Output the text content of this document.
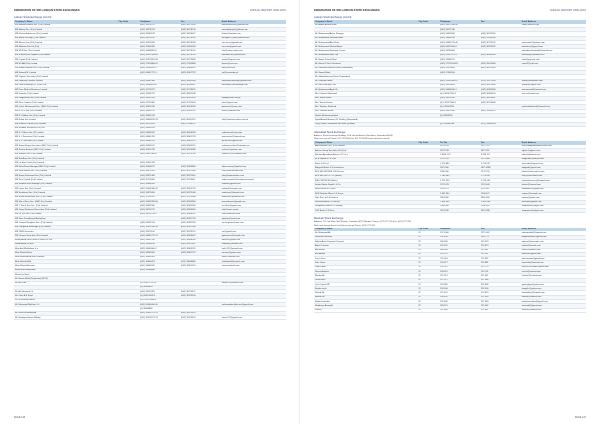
FEDERATION OF SRI LANKAN STATE EXCHANGES	ANNUAL REPORT 2000-2001
Labuan Stock Exchange (cont'd)
Company's Name	City Code	Telephone	Fax	Email Address
MS Market Harbour Sec. (Pvt) Limited		(042) 36278797	(042) 36277426	mahalli.ms2003@yahoo.com
MS Mobay Sec. (Pvt) Limited		(042) 36278741	(042) 36278740	mariobaliyopra@yahoo.com
MS Khalsa Andherson (Pvt) Limited		(042) 36260578	(042) 36266017	khalsa@nsslink.com
MS Marty Lee Bay (P) ko Limited		(042) 36278742	(042) 36278745	mratybe.m_bos@hotmail.com
MS Mecan Fern (Pvt) Limited		(042) 36278784	(042) 36278786	mer.fm.ay@gmail.com
MS Matthew Fair Ltd (Pvt)		(042) 35404090	(042) 35404094	mos.nox@gmail.com
MS MTM Sec (Pvt) Limited		(042) 36308891-6	(042) 36278741	info@mlsecurities.com
MS M'mard and Capitals (Pvt) Limited		(042) 36312398-90	(042) 36278744	mortimer.ms@yahoo.com
MS Capital (Pvt) Limited		(042) 36279807-08	(042) 36279808	muslo2@gmail.com
MS M. Adil (Pvt) Limited		(042) 37320860-61	(042) 37320860	feroze@nuz.com
MS Nadeer Bhakar Sec (Pvt) Limited		(042) 36303870-1	(042) 36303874	mal@nbs.com
MS Naveed M. Limited		(042) 36307727-1	(042) 36307792	aal@naveedm.pk
MS Organic Securities (Pvt) Limited				
MS Lakeway Partners Limited		(042) 36361306	(042) 36361304	mahmood.lakeway@yahoo.com
MS Poor Brookings (P) kt Sec Ltd		(042) 36280853-4	(042) 36280857	brookings@muxtrading.com
MS Pace Mirdi of Business Limited		(042) 35778417	(042) 35778475	
MS Poorder (Pvt) Limited		(042) 36201237	(042) 36201238	
MS Progressive Sec (Pvt) Limited		(042) 36317626	(042) 36317628	progld@brain.net.pk
MS Piers Traders (Pvt) Limited		(042) 35729400	(042) 35722405	piers@gmail.com
MS Quest Muhammed Sec. (SMC Pvt) Limited		(042) 36374740	(042) 36374969	questsec1@msn.com
MS R. & S. Sec (Pvt) Limited		(042) 36305781	(042) 36305782	rssec@hotmail.com
MS R. & Adam Sec (Pvt) Limited		(042) 36301234		
MS Rahat Sec Limited		(042) 36305876-78	(042) 36311213	info@rahatsecurities.com.pk
MS Ramesh Capital (Pvt) Limited		(042) 36276181	(042) 37338257	
MS Reliable Securities (Pvt) Ltd		(042) 36301100		
MS S. O Mirza Sec (P) Limited		(042) 36306182	(042) 36306180	sabrimirza@associate
MS S. J Securities (Pvt) Limited		(042) 36301769	(042) 36301705	sjsecurities@hotmail.com
MS S. P. Securities (P) Limited		(042) 36302125	(042) 36302125	sp.secure@gmail.com
MS Sakrat Bajwa Securities (SMC Pvt) Limited		(042) 36305113	(042) 36305115	sakratsecurities@hotmail.com
MS Sarfraz Ibrahim (SMC Pvt) Limited		(042) 36374730	(042) 36374980	suf.sec1@yahoo.com
MS SaffSec Sec (Pvt) Limited		(042) 36371400-8	(042) 36370780	sfaffsec@144.hotmail.com
MS SaleBase Sec (Pvt) Limited				
MS Lie Bay Credit (Pvt) Limited		(042) 35407433		
MS ValuePlaza Manager (SMC Pvt) Limited		(042) 35404877	(042) 35404860	admn.mucep@yahoo.com
MS Sare Mutual Sec. (Pvt) Limited		(042) 36371001	(042) 36371006	info@naresmutual.com
MS Sasee Federated Sec (Pvt) Limited		(042) 36371406	(042) 36371410	sibu@federatedsec.com
MS Sare Capital (Pvt) Limited		(042) 35778401	(042) 35795411	saber.remeleth@southeast.com.pk
MS Shakeel Riaz Manager (Pvt) Limited		(042) 36306190		shakeel@gmail.com
MS Lexee Sec (Pvt) Limited		(087) 35004340-42	(042) 36305730	waheld@hotmail.com
MS Southeast Sec. (Pvt) Limited		(042) 36375050	(042) 36375040	southeast@hotmail.com
MS Sultan Burmahtee Sec. (Pvt) Limited		(042) 37113987	(042) 37370080	bluebells@paradise.com
MS Sila a Mirza Sec. (SMC Pvt) Limited		(042) 36303786-90	(042) 36303890	teamsilanami@gmail.com
MS T. Ikar & Sen Sec. (Pvt) Limited		(042) 36302960	(042) 36302964	sec.tikar@gmail.com
MS Taxes Michanical Securities (Pvt) Limited		(042) 36751972	(042) 36306620	info@taxes.net.pk
MS Za Taz Sec (Pvt) Limited		(042) 36274794-2	(042) 36306522	info@aztasubz.com
MS Ziaur Proudhmed Makhdoom			(042) 36307796	rbyalnna@mail.com
MS. Usman Naughton Sec. (Pvt) Limited		(042) 36302744	(042) 36381990	mcnaughton@msn.com
MS. Vanguard Brokerage (Pvt) Limited		(042) 35857030-34	(042) 36357960	
MS. SMS Securities		(042) 36371100	(042) 36373170	nrz@gmail.com
MS. Sarsen Securities (Pvt) Limited		(042) 36342722-17	(042) 36306697	gmfsarsec@hotmail.com
Muhammad Umar Saleh & Sons Pvt Ltd		(042) 36307706	(042) 36306540	umarss@gmail.com
Muhammad S.Umar		(042) 36306910	(042) 36317657	salmalik@hotmail.com
Mian Asif Makhdoom & u		(042) 36360960-2	(042) 36303970	hnhh.22@hotmail.com
Mian Rashid Nazir		(042) 36302061	(042) 36301707	mrnazir@yahoo.com
Mian Muhammed Nazir Kamran		(042) 36302081		nazir@outlook.com
Mian Shahid Wali		(021) 35006421	(021) 35806866	shahidwali@hotmail.com
Mian Shahid Hussain		(042) 36306182	(042) 36301190	hussain@mail.com
Mirza Nazir Mahmood		(042) 36988886		
Mirza Ijaz Nazir				
Mr. Hasan Malik (Proprietor) (M-29)				
Mr. Arif Latif		(0) 4530 1971-74		arifallie.k@hotmail.com
		(0) 36306816		
Mr. Arif Hameed Ch.		(042) 36313455	(042) 36274471	
Mr. Khan A.S Saad		(0) 4530 9603-6	(042) 36379100	
Mr. M Rehman Mohin		(0) 4 35207864-4		
Mr. Mehmood Mukhtar Ch.		(042) 35304604-10		mahmoodmukhtar.ms@gmail.com
		(0) 36306880		
Mr. Munir Khan Ahmed		(042) 35307971-75	(042) 36375470	
Mr. Nudagan Hasan Siddiqi		(042) 35374871-74	(042) 35374676	hussai.73@gmail.com
PAGE 146
FEDERATION OF SRI LANKAN STATE EXCHANGES	ANNUAL REPORT 2000-2001
Labuan Stock Exchange (cont'd)
Company's Name	City Code	Telephone	Fax	Email Address
Mr. Abbas Ahmad Khan		(042) 36379190-40		ftsed@brain.net.pk
		(042) 36171930		
Mr. Mohammad Azhar Rasayat		(042) 36374834	(042) 36370955	
Mr. Muhammad Shaahid Malik		(042) 36366780	(042) 37990260	
Mr. Muhammad Abu Khan		(042) 36365779-40	(042) 36770741	petermaliz2@yahoo.com
Mr. Muhammad Shahn Aleem		(042) 36370964-4	(042) 36370967	muttak.ms@gmail.com
Mr. Muhammad Navtoaal Cocme		(042) 36780460		ahmedmuhammad@hotmail.com
Mr. Muhammad Nazi Tab		(042) 35417121-1	(042) 36305630	bonnemy@hotmail.net.rt
Mr. Nazim Prasad Nazir		(042) 36304122		nhizi@yayuser.com
Mr. Nimra Ul Din's Rasheed		(042) 3771163-663	(042) 39070800	nama2@crdl.com
Mr. Rasheed Hussain Rizan (Dependent)		(042) 35370690	(042) 36379169	
Mr. Saeed Salati		(042) 37303200		
Mr. Shahid Hussain Rizvi (Dependent)				
Mr. Zahid Ali Gibbs		(042) 35339540-47	(021) 35377400	zahid@westbrook.com
Mr. Rana Nauman Jutt		(042) 36370891	(042) 36370890	rnlanjutt@gmail.com
Mr. Muhammad Ayub Ch		(042) 36369810-1	(042) 36369896	muhammad@hotmail.com
Mrs. Kishwar Mehmood		(0) 4 36307741-2	(042) 36304150	mrs.m@email.com
Mrs. Samia Sadia		(042) 36370766	(042) 36370667	
Mrs. Samia Feroze		(0) 4 35377940-1	(042) 36174690	
Mrs. Shahina Rasheed		(0) 4 35407876		mnshahidahmad@hotmail.com
Mrs. Zaheda Sheikh		(042) 36375960	(042) 37960215	
Shiekh Muhammad Iqbal		(0) 36306780		
Syed Ahmad Mannan (N. Khakhy) (Expanded)				
Omg Center, Sh Ahmad Sari Mian (Radian)		(0) 4 36380180	(021) 35806500	
Islamabad Stock Exchange
Address: Stock Exchange Building, 55-B Jinnah Avenue, Blue Area, Islamabad 44000
Web: kse.com.pk Phone: 051 2275045 Fax: 051 2275044 Email: info@ise.com.pk
Company's Name	City Code	Tel. No.	Fax	Email Address
Abd-Guldawa Sec. (Pvt) Limited		2274 745	2271 774	info@abdguldawasecurities.com
Ammer Group Securities (Pvt) Ltd		2873 768	2873 787	aglsec@aglsec.com
Baharat Ajmadeen Alamas 2.0 Co o		2 8301 113	2 830 117	abms@baharat.com
BCB Global & Co 3-ltd		2274 745	2273 888	bcbglobal@hotmail.com
Benia 4.00 Ltd		2 274 880	2 274 007	rana.vidaa@gmail.com
Bakgard Broker 2.0 Investment		2875 300	2071 4885	bakgard@gmail.com
EFS SECURITIES 1.00 Service		2286 960	2274 720	infose@efsecurities.com
EFS SECURITY LTD (Brass)		2 286 860	2 274 607	info@efsecurities.com
EMIL SERVICES (Bank)		2 274 950	2 274 900	infoemilservices@hotmail.com
Ibnhar Balme Foods 1.0 Co		2276 478	2276 440	ibnhar@hotmail.com
Mina Perera 4.0 Quan		2924 677	2931 607	minabeerla@gmail.com
NCB Dhalaha Bkrwr 2.0 Scase		2 805 284	2284 471	ncbsec@hotmail.com
Rain Kor Ltd 2.0 Finance		2804 460	2805 460	rainkor@gmail.com
Rashid Buildrot 2.0 Survey		2 804 460	2 805 460	parselfix@global.com
Shaqueeza Banks 2.0 Sundry		2286 440	2286 441	shaqueeza@cbyte.com
Y&K Banks 2.0 Seco		2674 930	2674 938	shaqueeza@cbyte.com
Mastrasi Stock Exchange
Address: 711 2nd Floor, Mall Sharda, Chardwar (EXT) Mardan. Phone: (021) 277 055 Fax: (021) 277 058
Web: mse.com.pk Email: info@mse.com.pk Phone: (021) 277 058
Company's Name	City Code	Telephone	Fax	Email Address
Mr. Mohamed Ali	22	2271 460	2271 462	mohamedali@hotmail.com
Nasim Ali Services	22	231 490	2511771	pingsbhandari@gmail.com
Bakhta Aimo Financial Counsel	22	236 696	226 693	obmax@intermatic.com
Ahtsiz Tunisha	22	226 870	226 874	axhas@hotmail.com
Abu Emon	22	346 900	220 987	emon@hotmail.com
Bus Award	22	225 571	220 187	bluehart@gmail.com
Oscar Fron	22	720 964	726 387	fred.carome@gmail.com
Suni Tirsee	22	220 877	220 881	travelinfo@hotmail.com
Saim Halim	22	220 787	220 770	roarus@wcluttek@gmail.com
Ravon Ashtaris	22	230 821	226 791	rachta@hotmail.com
Bhadur Ali	22	221 821	221 841	hsuhan@hotmail.com
Lilant Hulm	22	227 077	227 084	
Quel Capital RP	22	220 880	226 898	gestingkqz@yahoo.com
Brooks nimh	22	226 900	226 900	kanipilic@yahoo.com
Stroud Fik	22	271 497	270 870	stroubobie@hotmail.com
Hoham Nil	22	230 432	222 984	hoham@hotmail.com
Madaisunambal	22	225 864	221 484	madaisunambal@gmail.com
Mabberya Amirudhi	22	228 671	226 387	marsadal@gmail.com
Zaharu	22	221 480	221 487	zeharu@hotmail.com
PAGE 147
